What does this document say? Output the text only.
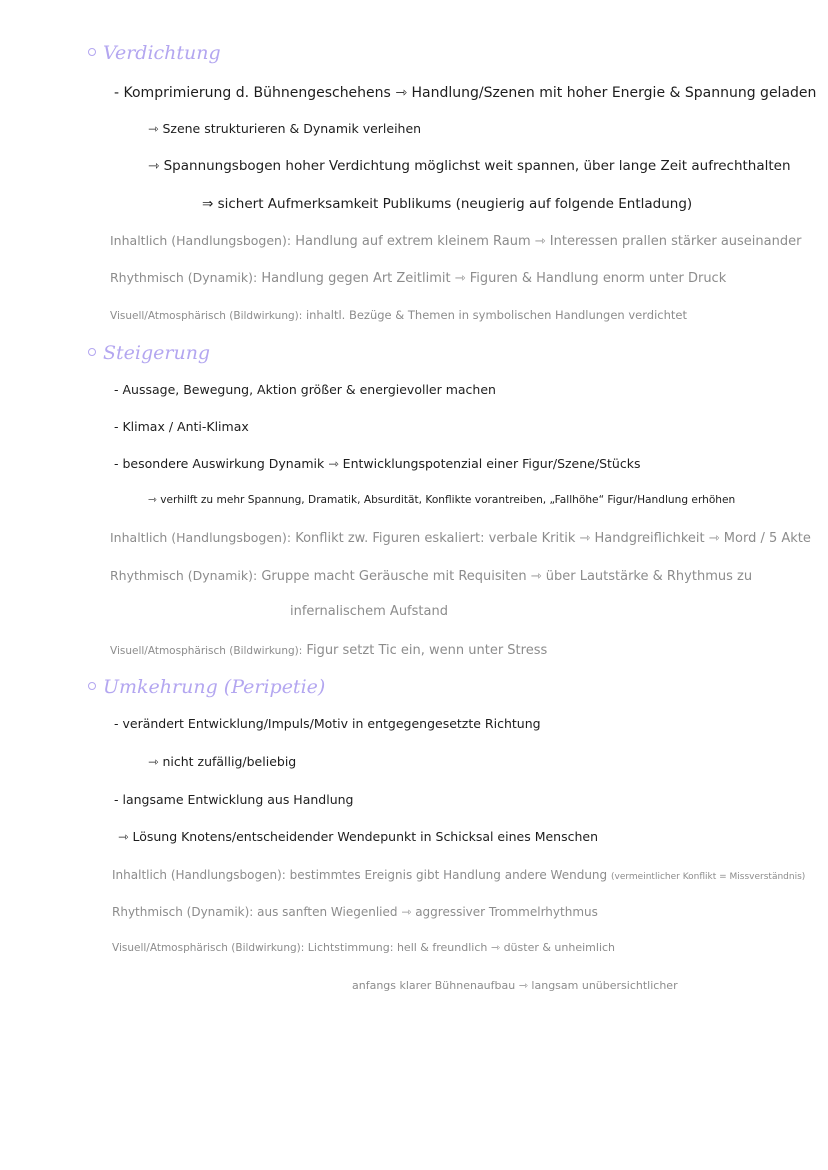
Verdichtung
- Komprimierung d. Bühnengeschehens ⇾ Handlung/Szenen mit hoher Energie & Spannung geladen
⇾ Szene strukturieren & Dynamik verleihen
⇾ Spannungsbogen hoher Verdichtung möglichst weit spannen, über lange Zeit aufrechthalten
⇒ sichert Aufmerksamkeit Publikums (neugierig auf folgende Entladung)
Inhaltlich (Handlungsbogen): Handlung auf extrem kleinem Raum ⇾ Interessen prallen stärker auseinander
Rhythmisch (Dynamik): Handlung gegen Art Zeitlimit ⇾ Figuren & Handlung enorm unter Druck
Visuell/Atmosphärisch (Bildwirkung): inhaltl. Bezüge & Themen in symbolischen Handlungen verdichtet
Steigerung
- Aussage, Bewegung, Aktion größer & energievoller machen
- Klimax / Anti-Klimax
- besondere Auswirkung Dynamik ⇾ Entwicklungspotenzial einer Figur/Szene/Stücks
⇾ verhilft zu mehr Spannung, Dramatik, Absurdität, Konflikte vorantreiben, „Fallhöhe“ Figur/Handlung erhöhen
Inhaltlich (Handlungsbogen): Konflikt zw. Figuren eskaliert: verbale Kritik ⇾ Handgreiflichkeit ⇾ Mord / 5 Akte
Rhythmisch (Dynamik): Gruppe macht Geräusche mit Requisiten ⇾ über Lautstärke & Rhythmus zu
infernalischem Aufstand
Visuell/Atmosphärisch (Bildwirkung): Figur setzt Tic ein, wenn unter Stress
Umkehrung (Peripetie)
- verändert Entwicklung/Impuls/Motiv in entgegengesetzte Richtung
⇾ nicht zufällig/beliebig
- langsame Entwicklung aus Handlung
⇾ Lösung Knotens/entscheidender Wendepunkt in Schicksal eines Menschen
Inhaltlich (Handlungsbogen): bestimmtes Ereignis gibt Handlung andere Wendung (vermeintlicher Konflikt = Missverständnis)
Rhythmisch (Dynamik): aus sanften Wiegenlied ⇾ aggressiver Trommelrhythmus
Visuell/Atmosphärisch (Bildwirkung): Lichtstimmung: hell & freundlich ⇾ düster & unheimlich
anfangs klarer Bühnenaufbau ⇾ langsam unübersichtlicher
